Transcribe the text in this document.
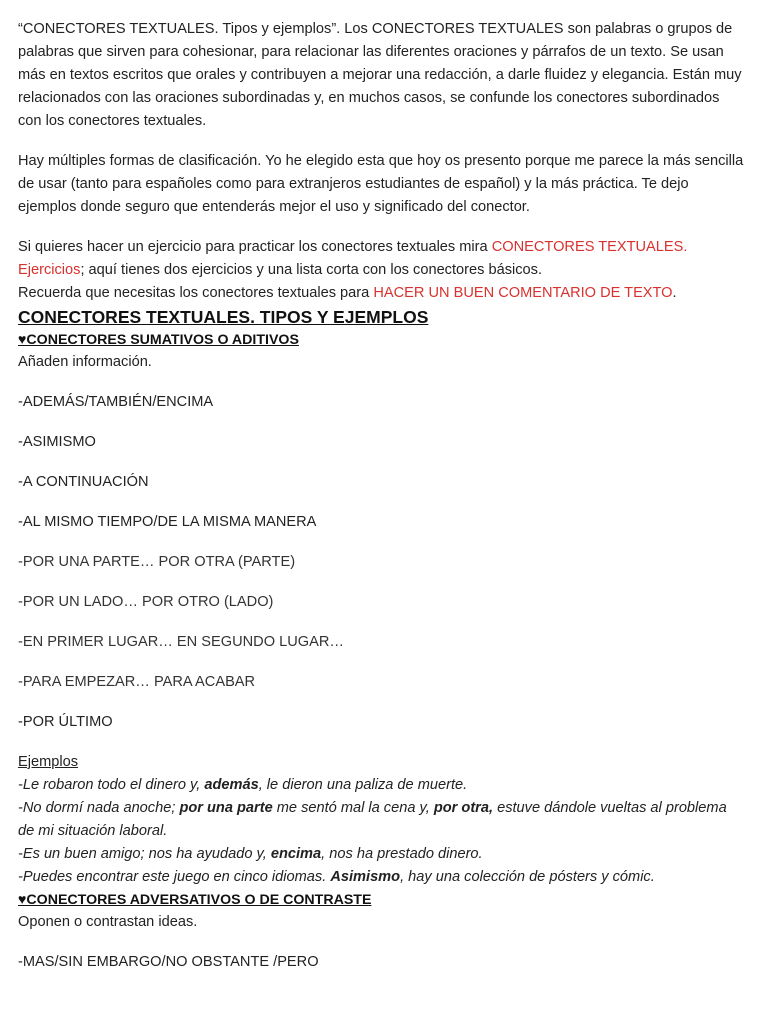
“CONECTORES TEXTUALES. Tipos y ejemplos”. Los CONECTORES TEXTUALES son palabras o grupos de palabras que sirven para cohesionar, para relacionar las diferentes oraciones y párrafos de un texto. Se usan más en textos escritos que orales y contribuyen a mejorar una redacción, a darle fluidez y elegancia. Están muy relacionados con las oraciones subordinadas y, en muchos casos, se confunde los conectores subordinados con los conectores textuales.

Hay múltiples formas de clasificación. Yo he elegido esta que hoy os presento porque me parece la más sencilla de usar (tanto para españoles como para extranjeros estudiantes de español) y la más práctica. Te dejo ejemplos donde seguro que entenderás mejor el uso y significado del conector.

Si quieres hacer un ejercicio para practicar los conectores textuales mira CONECTORES TEXTUALES. Ejercicios; aquí tienes dos ejercicios y una lista corta con los conectores básicos.

Recuerda que necesitas los conectores textuales para HACER UN BUEN COMENTARIO DE TEXTO.

CONECTORES TEXTUALES. TIPOS Y EJEMPLOS
♥CONECTORES SUMATIVOS O ADITIVOS

Añaden información.

-ADEMÁS/TAMBIÉN/ENCIMA

-ASIMISMO

-A CONTINUACIÓN

-AL MISMO TIEMPO/DE LA MISMA MANERA

-POR UNA PARTE… POR OTRA (PARTE)

-POR UN LADO… POR OTRO (LADO)

-EN PRIMER LUGAR… EN SEGUNDO LUGAR…

-PARA EMPEZAR… PARA ACABAR

-POR ÚLTIMO

Ejemplos

-Le robaron todo el dinero y, además, le dieron una paliza de muerte.

-No dormí nada anoche; por una parte me sentó mal la cena y, por otra, estuve dándole vueltas al problema de mi situación laboral.

-Es un buen amigo; nos ha ayudado y, encima, nos ha prestado dinero.

-Puedes encontrar este juego en cinco idiomas. Asimismo, hay una colección de pósters y cómic.

♥CONECTORES ADVERSATIVOS O DE CONTRASTE

Oponen o contrastan ideas.

-MAS/SIN EMBARGO/NO OBSTANTE /PERO
